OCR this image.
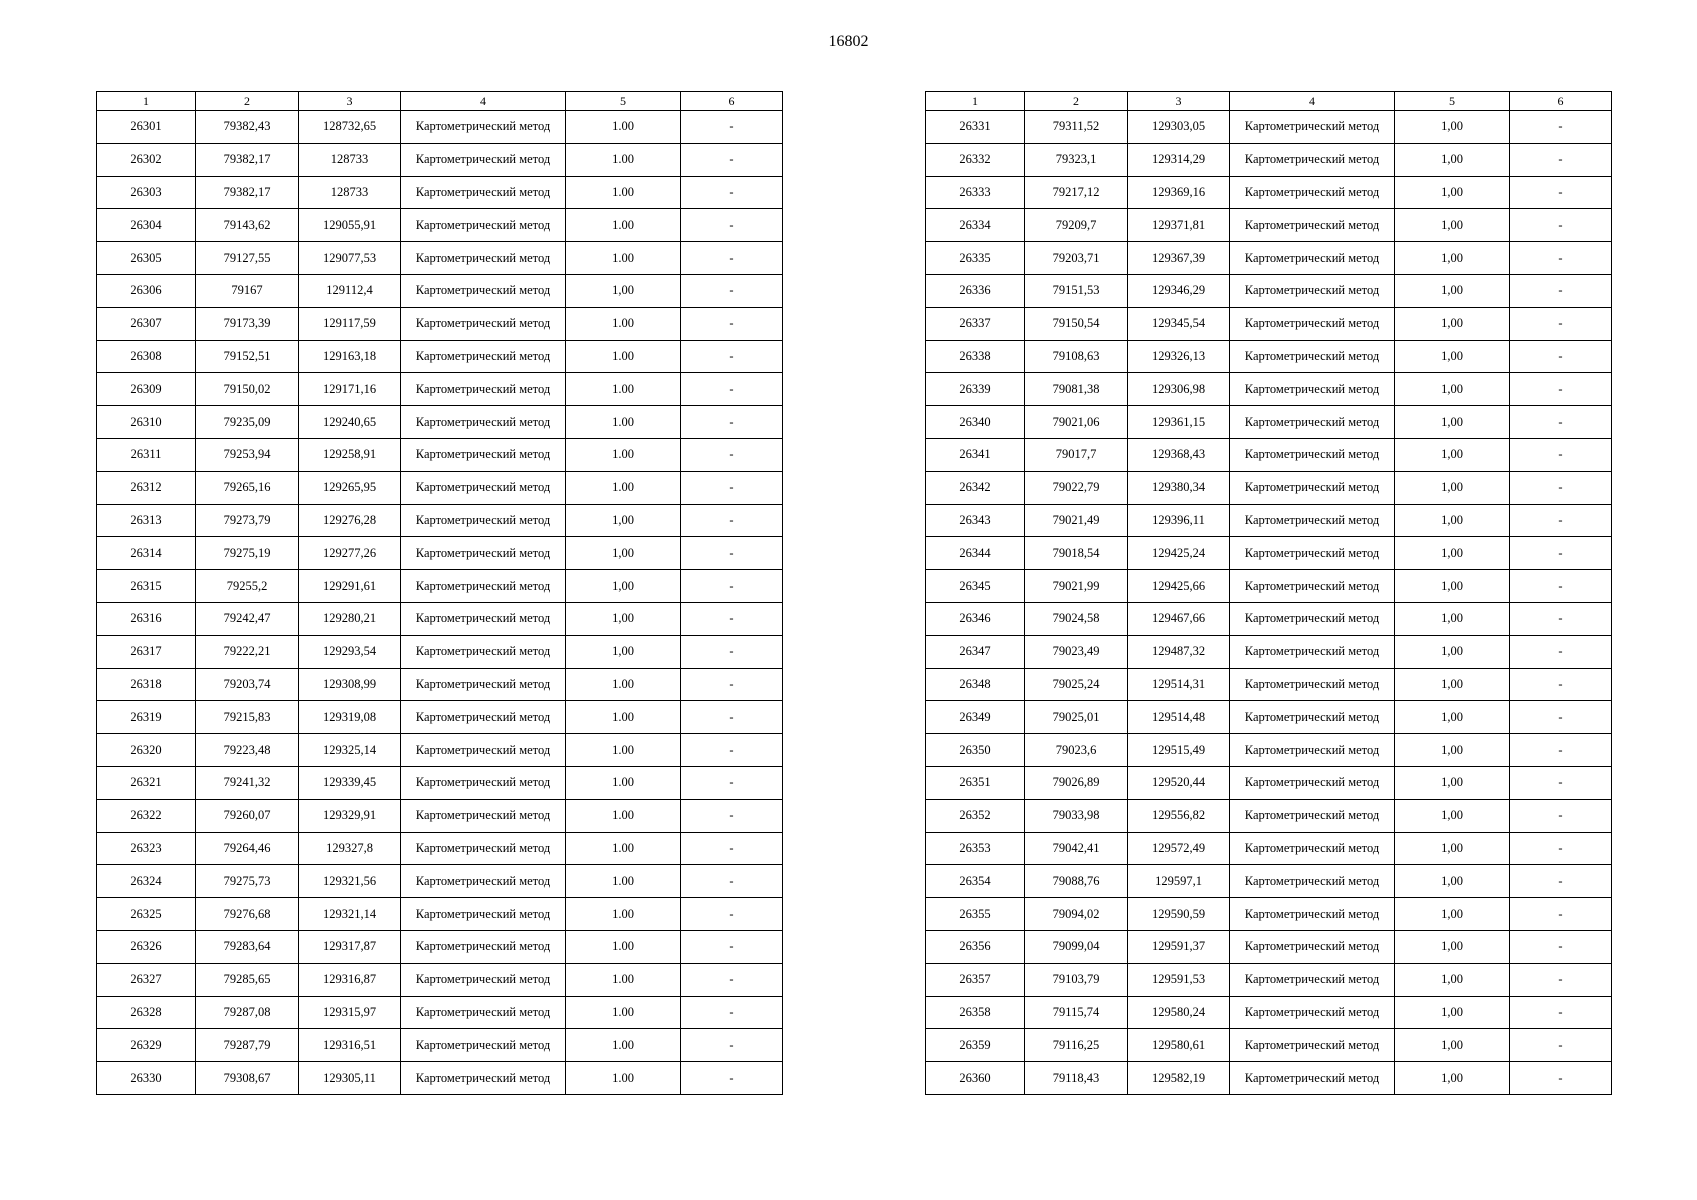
16802
1	2	3	4	5	6
26301	79382,43	128732,65	Картометрический метод	1.00	-
26302	79382,17	128733	Картометрический метод	1.00	-
26303	79382,17	128733	Картометрический метод	1.00	-
26304	79143,62	129055,91	Картометрический метод	1.00	-
26305	79127,55	129077,53	Картометрический метод	1.00	-
26306	79167	129112,4	Картометрический метод	1,00	-
26307	79173,39	129117,59	Картометрический метод	1.00	-
26308	79152,51	129163,18	Картометрический метод	1.00	-
26309	79150,02	129171,16	Картометрический метод	1.00	-
26310	79235,09	129240,65	Картометрический метод	1.00	-
26311	79253,94	129258,91	Картометрический метод	1.00	-
26312	79265,16	129265,95	Картометрический метод	1.00	-
26313	79273,79	129276,28	Картометрический метод	1,00	-
26314	79275,19	129277,26	Картометрический метод	1,00	-
26315	79255,2	129291,61	Картометрический метод	1,00	-
26316	79242,47	129280,21	Картометрический метод	1,00	-
26317	79222,21	129293,54	Картометрический метод	1,00	-
26318	79203,74	129308,99	Картометрический метод	1.00	-
26319	79215,83	129319,08	Картометрический метод	1.00	-
26320	79223,48	129325,14	Картометрический метод	1.00	-
26321	79241,32	129339,45	Картометрический метод	1.00	-
26322	79260,07	129329,91	Картометрический метод	1.00	-
26323	79264,46	129327,8	Картометрический метод	1.00	-
26324	79275,73	129321,56	Картометрический метод	1.00	-
26325	79276,68	129321,14	Картометрический метод	1.00	-
26326	79283,64	129317,87	Картометрический метод	1.00	-
26327	79285,65	129316,87	Картометрический метод	1.00	-
26328	79287,08	129315,97	Картометрический метод	1.00	-
26329	79287,79	129316,51	Картометрический метод	1.00	-
26330	79308,67	129305,11	Картометрический метод	1.00	-
1	2	3	4	5	6
26331	79311,52	129303,05	Картометрический метод	1,00	-
26332	79323,1	129314,29	Картометрический метод	1,00	-
26333	79217,12	129369,16	Картометрический метод	1,00	-
26334	79209,7	129371,81	Картометрический метод	1,00	-
26335	79203,71	129367,39	Картометрический метод	1,00	-
26336	79151,53	129346,29	Картометрический метод	1,00	-
26337	79150,54	129345,54	Картометрический метод	1,00	-
26338	79108,63	129326,13	Картометрический метод	1,00	-
26339	79081,38	129306,98	Картометрический метод	1,00	-
26340	79021,06	129361,15	Картометрический метод	1,00	-
26341	79017,7	129368,43	Картометрический метод	1,00	-
26342	79022,79	129380,34	Картометрический метод	1,00	-
26343	79021,49	129396,11	Картометрический метод	1,00	-
26344	79018,54	129425,24	Картометрический метод	1,00	-
26345	79021,99	129425,66	Картометрический метод	1,00	-
26346	79024,58	129467,66	Картометрический метод	1,00	-
26347	79023,49	129487,32	Картометрический метод	1,00	-
26348	79025,24	129514,31	Картометрический метод	1,00	-
26349	79025,01	129514,48	Картометрический метод	1,00	-
26350	79023,6	129515,49	Картометрический метод	1,00	-
26351	79026,89	129520,44	Картометрический метод	1,00	-
26352	79033,98	129556,82	Картометрический метод	1,00	-
26353	79042,41	129572,49	Картометрический метод	1,00	-
26354	79088,76	129597,1	Картометрический метод	1,00	-
26355	79094,02	129590,59	Картометрический метод	1,00	-
26356	79099,04	129591,37	Картометрический метод	1,00	-
26357	79103,79	129591,53	Картометрический метод	1,00	-
26358	79115,74	129580,24	Картометрический метод	1,00	-
26359	79116,25	129580,61	Картометрический метод	1,00	-
26360	79118,43	129582,19	Картометрический метод	1,00	-
